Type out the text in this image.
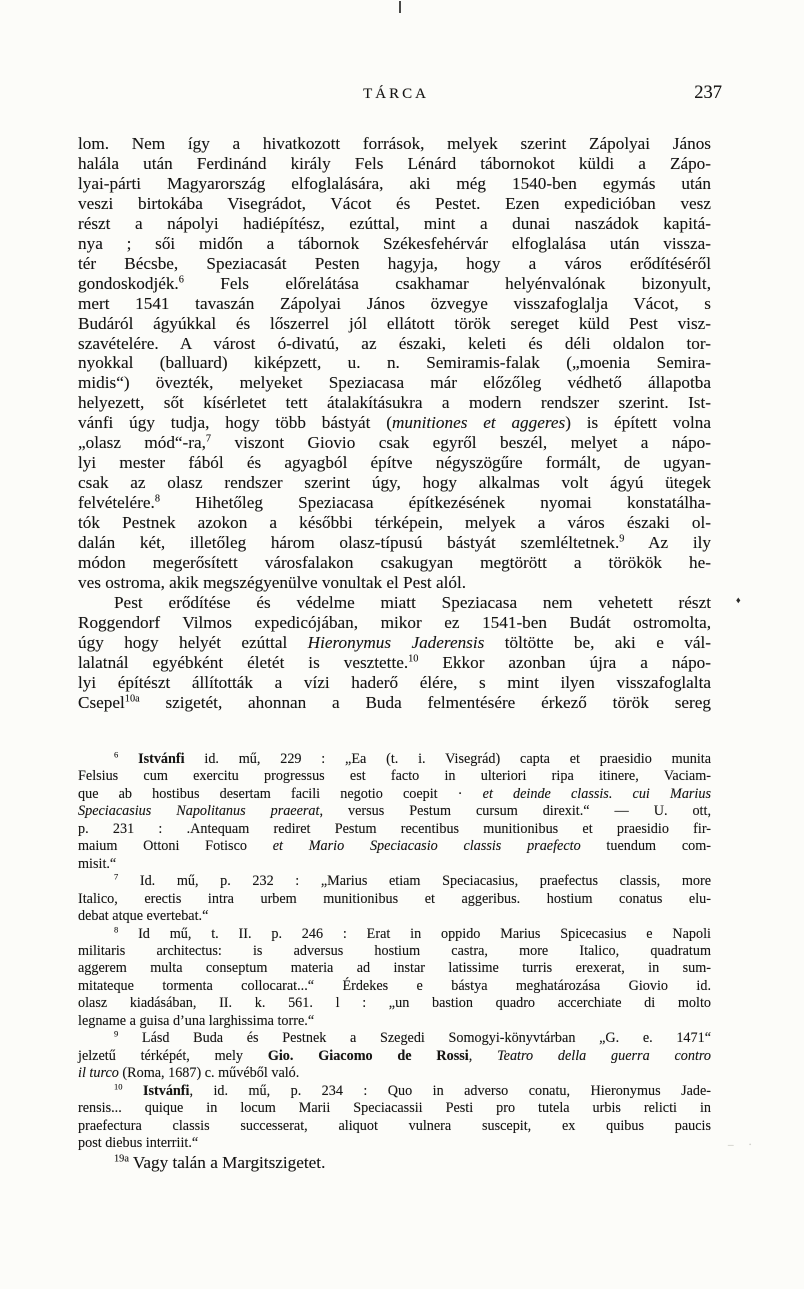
TÁRCA	237
lom. Nem így a hivatkozott források, melyek szerint Zápolyai János
halála után Ferdinánd király Fels Lénárd tábornokot küldi a Zápo-
lyai-párti Magyarország elfoglalására, aki még 1540-ben egymás után
veszi birtokába Visegrádot, Vácot és Pestet. Ezen expedicióban vesz
részt a nápolyi hadiépítész, ezúttal, mint a dunai naszádok kapitá-
nya ; sői midőn a tábornok Székesfehérvár elfoglalása után vissza-
tér Bécsbe, Speziacasát Pesten hagyja, hogy a város erődítéséről
gondoskodjék.$^6$ Fels előrelátása csakhamar helyénvalónak bizonyult,
mert 1541 tavaszán Zápolyai János özvegye visszafoglalja Vácot, s
Budáról ágyúkkal és lőszerrel jól ellátott török sereget küld Pest visz-
szavételére. A várost ó-divatú, az északi, keleti és déli oldalon tor-
nyokkal (balluard) kiképzett, u. n. Semiramis-falak („moenia Semira-
midis“) övezték, melyeket Speziacasa már előzőleg védhető állapotba
helyezett, sőt kísérletet tett átalakításukra a modern rendszer szerint. Ist-
vánfi úgy tudja, hogy több bástyát (munitiones et aggeres) is épített volna
„olasz mód“-ra,$^7$ viszont Giovio csak egyről beszél, melyet a nápo-
lyi mester fából és agyagból építve négyszögűre formált, de ugyan-
csak az olasz rendszer szerint úgy, hogy alkalmas volt ágyú ütegek
felvételére.$^8$ Hihetőleg Speziacasa építkezésének nyomai konstatálha-
tók Pestnek azokon a későbbi térképein, melyek a város északi ol-
dalán két, illetőleg három olasz-típusú bástyát szemléltetnek.$^9$ Az ily
módon megerősített városfalakon csakugyan megtörött a törökök he-
ves ostroma, akik megszégyenülve vonultak el Pest alól.
Pest erődítése és védelme miatt Speziacasa nem vehetett részt
Roggendorf Vilmos expedicójában, mikor ez 1541-ben Budát ostromolta,
úgy hogy helyét ezúttal Hieronymus Jaderensis töltötte be, aki e vál-
lalatnál egyébként életét is vesztette.$^{10}$ Ekkor azonban újra a nápo-
lyi építészt állították a vízi haderő élére, s mint ilyen visszafoglalta
Csepel$^{10a}$ szigetét, ahonnan a Buda felmentésére érkező török sereg
$^6$ Istvánfi id. mű, 229 : „Ea (t. i. Visegrád) capta et praesidio munita
Felsius cum exercitu progressus est facto in ulteriori ripa itinere, Vaciam-
que ab hostibus desertam facili negotio coepit · et deinde classis. cui Marius
Speciacasius Napolitanus praeerat, versus Pestum cursum direxit.“ — U. ott,
p. 231 : .Antequam rediret Pestum recentibus munitionibus et praesidio fir-
maium Ottoni Fotisco et Mario Speciacasio classis praefecto tuendum com-
misit.“
$^7$ Id. mű, p. 232 : „Marius etiam Speciacasius, praefectus classis, more
Italico, erectis intra urbem munitionibus et aggeribus. hostium conatus elu-
debat atque evertebat.“
$^8$ Id mű, t. II. p. 246 : Erat in oppido Marius Spicecasius e Napoli
militaris architectus: is adversus hostium castra, more Italico, quadratum
aggerem multa conseptum materia ad instar latissime turris erexerat, in sum-
mitateque tormenta collocarat...“ Érdekes e bástya meghatározása Giovio id.
olasz kiadásában, II. k. 561. l : „un bastion quadro accerchiate di molto
legname a guisa d’una larghissima torre.“
$^9$ Lásd Buda és Pestnek a Szegedi Somogyi-könyvtárban „G. e. 1471“
jelzetű térképét, mely Gio. Giacomo de Rossi, Teatro della guerra contro
il turco (Roma, 1687) c. művéből való.
$^{10}$ Istvánfi, id. mű, p. 234 : Quo in adverso conatu, Hieronymus Jade-
rensis... quique in locum Marii Speciacassii Pesti pro tutela urbis relicti in
praefectura classis successerat, aliquot vulnera suscepit, ex quibus paucis
post diebus interriit.“
$^{19a}$ Vagy talán a Margitszigetet.
♦
– ·
